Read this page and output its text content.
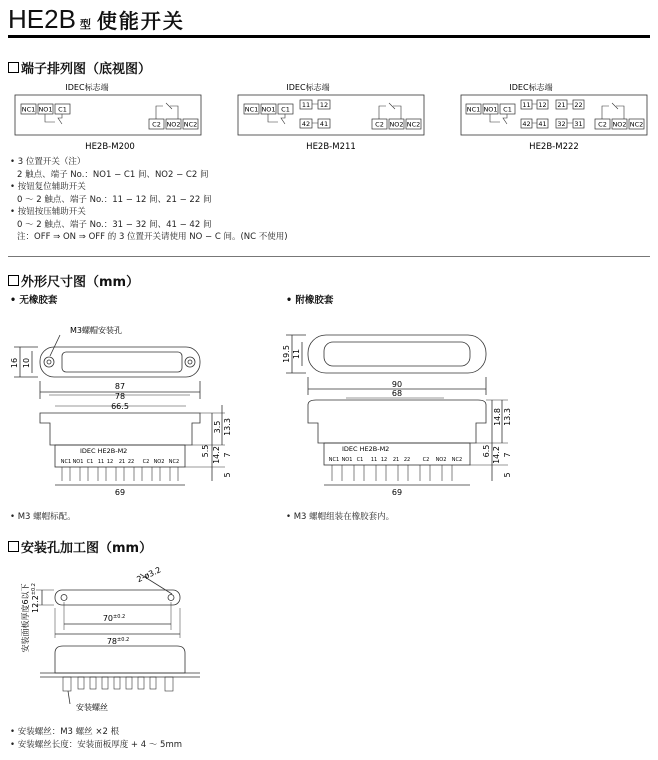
HE2B 型 使能开关
端子排列图（底视图）
IDEC标志端
NC1 NO1 C1
C2 NO2 NC2
HE2B-M200
IDEC标志端
NC1 NO1 C1
11 12
42 41	C2 NO2 NC2
HE2B-M211
IDEC标志端
NC1 NO1 C1
11 12 21 22
42 41 32 31 C2 NO2 NC2
HE2B-M222
• 3 位置开关（注）
2 触点、端子 No.：NO1 − C1 间、NO2 − C2 间
• 按钮复位辅助开关
0 〜 2 触点、端子 No.：11 − 12 间、21 − 22 间
• 按钮按压辅助开关
0 〜 2 触点、端子 No.：31 − 32 间、41 − 42 间
注：OFF ⇒ ON ⇒ OFF 的 3 位置开关请使用 NO − C 间。(NC 不使用)
外形尺寸图（mm）
• 无橡胶套	• 附橡胶套
M3螺帽安装孔
87
78
66.5
69
16 10
3.5 13.3
5.5 14.2 7
5
IDEC HE2B-M2
NC1 NO1 C1 11 12 21 22 C2 NO2 NC2
90
68
69
19.5 11
14.8 13.3
6.5 14.2 7
5
IDEC HE2B-M2
NC1 NO1 C1 11 12 21 22 C2 NO2 NC2
• M3 螺帽标配。	• M3 螺帽组装在橡胶套内。
安装孔加工图（mm）
2-ø3.2
$70^{\pm 0.2}$
$78^{\pm 0.2}$
$12.2^{\pm 0.2}$
安装面板厚度6以下
安装螺丝
• 安装螺丝：M3 螺丝 ×2 根
• 安装螺丝长度：安装面板厚度 + 4 〜 5mm
